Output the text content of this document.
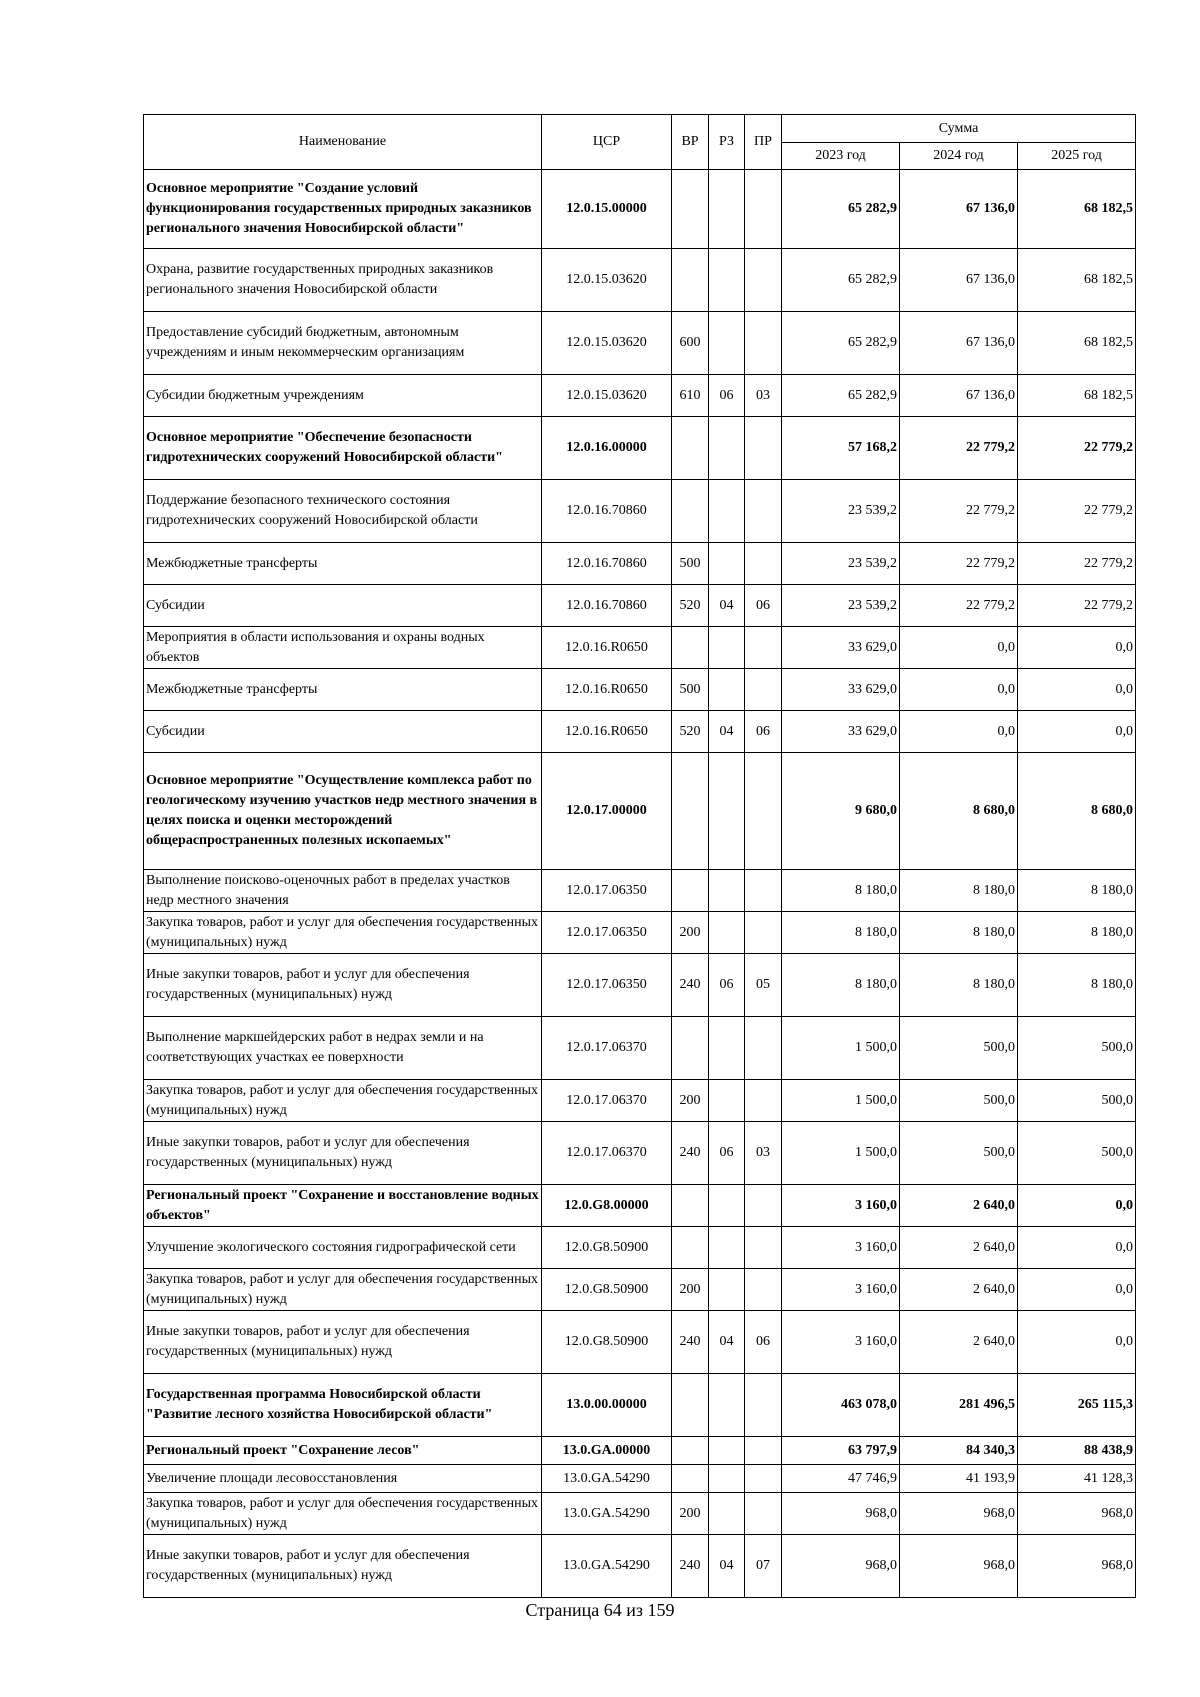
Наименование	ЦСР	ВР	РЗ	ПР	Сумма		
					2023 год	2024 год	2025 год
Основное мероприятие "Создание условий функционирования государственных природных заказников регионального значения Новосибирской области"	12.0.15.00000				65 282,9	67 136,0	68 182,5
Охрана, развитие государственных природных заказников регионального значения Новосибирской области	12.0.15.03620				65 282,9	67 136,0	68 182,5
Предоставление субсидий бюджетным, автономным учреждениям и иным некоммерческим организациям	12.0.15.03620	600			65 282,9	67 136,0	68 182,5
Субсидии бюджетным учреждениям	12.0.15.03620	610	06	03	65 282,9	67 136,0	68 182,5
Основное мероприятие "Обеспечение безопасности гидротехнических сооружений Новосибирской области"	12.0.16.00000				57 168,2	22 779,2	22 779,2
Поддержание безопасного технического состояния гидротехнических сооружений Новосибирской области	12.0.16.70860				23 539,2	22 779,2	22 779,2
Межбюджетные трансферты	12.0.16.70860	500			23 539,2	22 779,2	22 779,2
Субсидии	12.0.16.70860	520	04	06	23 539,2	22 779,2	22 779,2
Мероприятия в области использования и охраны водных объектов	12.0.16.R0650				33 629,0	0,0	0,0
Межбюджетные трансферты	12.0.16.R0650	500			33 629,0	0,0	0,0
Субсидии	12.0.16.R0650	520	04	06	33 629,0	0,0	0,0
Основное мероприятие "Осуществление комплекса работ по геологическому изучению участков недр местного значения в целях поиска и оценки месторождений общераспространенных полезных ископаемых"	12.0.17.00000				9 680,0	8 680,0	8 680,0
Выполнение поисково-оценочных работ в пределах участков недр местного значения	12.0.17.06350				8 180,0	8 180,0	8 180,0
Закупка товаров, работ и услуг для обеспечения государственных (муниципальных) нужд	12.0.17.06350	200			8 180,0	8 180,0	8 180,0
Иные закупки товаров, работ и услуг для обеспечения государственных (муниципальных) нужд	12.0.17.06350	240	06	05	8 180,0	8 180,0	8 180,0
Выполнение маркшейдерских работ в недрах земли и на соответствующих участках ее поверхности	12.0.17.06370				1 500,0	500,0	500,0
Закупка товаров, работ и услуг для обеспечения государственных (муниципальных) нужд	12.0.17.06370	200			1 500,0	500,0	500,0
Иные закупки товаров, работ и услуг для обеспечения государственных (муниципальных) нужд	12.0.17.06370	240	06	03	1 500,0	500,0	500,0
Региональный проект "Сохранение и восстановление водных объектов"	12.0.G8.00000				3 160,0	2 640,0	0,0
Улучшение экологического состояния гидрографической сети	12.0.G8.50900				3 160,0	2 640,0	0,0
Закупка товаров, работ и услуг для обеспечения государственных (муниципальных) нужд	12.0.G8.50900	200			3 160,0	2 640,0	0,0
Иные закупки товаров, работ и услуг для обеспечения государственных (муниципальных) нужд	12.0.G8.50900	240	04	06	3 160,0	2 640,0	0,0
Государственная программа Новосибирской области "Развитие лесного хозяйства Новосибирской области"	13.0.00.00000				463 078,0	281 496,5	265 115,3
Региональный проект "Сохранение лесов"	13.0.GA.00000				63 797,9	84 340,3	88 438,9
Увеличение площади лесовосстановления	13.0.GA.54290				47 746,9	41 193,9	41 128,3
Закупка товаров, работ и услуг для обеспечения государственных (муниципальных) нужд	13.0.GA.54290	200			968,0	968,0	968,0
Иные закупки товаров, работ и услуг для обеспечения государственных (муниципальных) нужд	13.0.GA.54290	240	04	07	968,0	968,0	968,0
Страница 64 из 159
